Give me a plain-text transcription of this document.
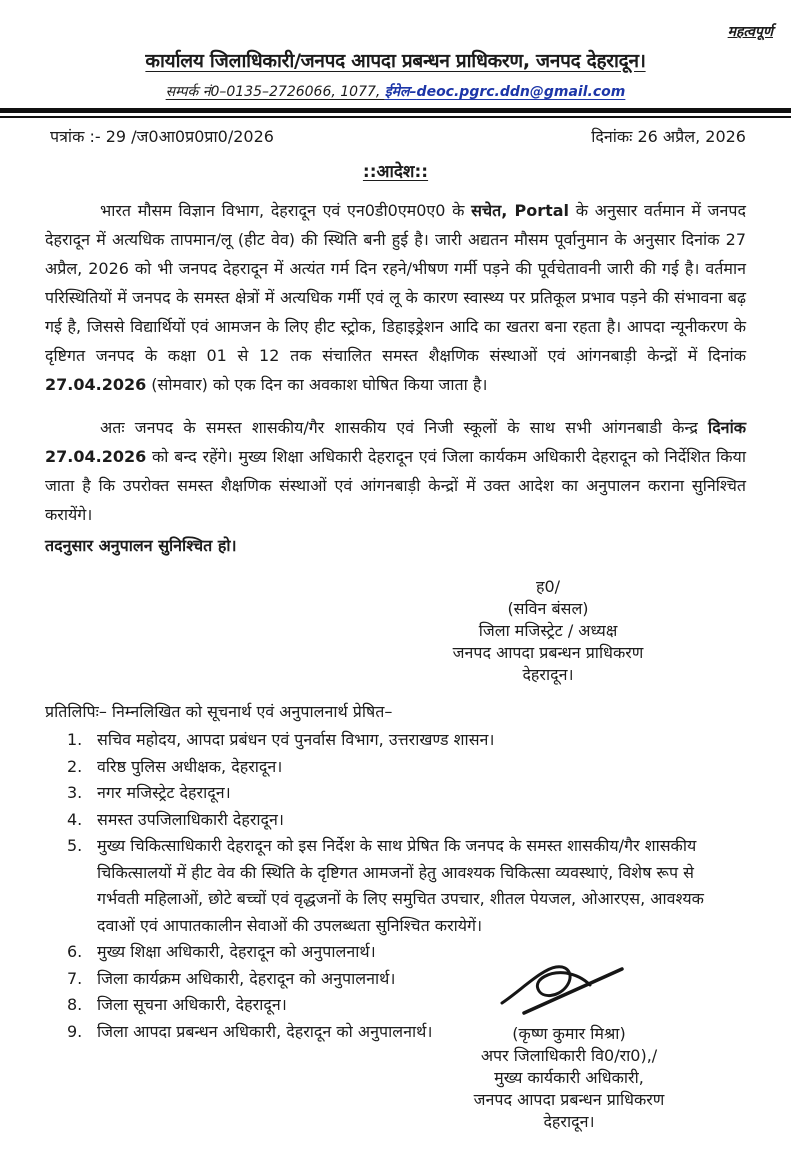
महत्वपूर्ण
कार्यालय जिलाधिकारी/जनपद आपदा प्रबन्धन प्राधिकरण, जनपद देहरादून।
सम्पर्क नं0–0135–2726066, 1077, ईमेल–deoc.pgrc.ddn@gmail.com
पत्रांक :- 29 /ज0आ0प्र0प्रा0/2026	दिनांकः 26 अप्रैल, 2026
::आदेश::

भारत मौसम विज्ञान विभाग, देहरादून एवं एन0डी0एम0ए0 के सचेत, Portal के अनुसार वर्तमान में जनपद देहरादून में अत्यधिक तापमान/लू (हीट वेव) की स्थिति बनी हुई है। जारी अद्यतन मौसम पूर्वानुमान के अनुसार दिनांक 27 अप्रैल, 2026 को भी जनपद देहरादून में अत्यंत गर्म दिन रहने/भीषण गर्मी पड़ने की पूर्वचेतावनी जारी की गई है। वर्तमान परिस्थितियों में जनपद के समस्त क्षेत्रों में अत्यधिक गर्मी एवं लू के कारण स्वास्थ्य पर प्रतिकूल प्रभाव पड़ने की संभावना बढ़ गई है, जिससे विद्यार्थियों एवं आमजन के लिए हीट स्ट्रोक, डिहाइड्रेशन आदि का खतरा बना रहता है। आपदा न्यूनीकरण के दृष्टिगत जनपद के कक्षा 01 से 12 तक संचालित समस्त शैक्षणिक संस्थाओं एवं आंगनबाड़ी केन्द्रों में दिनांक 27.04.2026 (सोमवार) को एक दिन का अवकाश घोषित किया जाता है।

अतः जनपद के समस्त शासकीय/गैर शासकीय एवं निजी स्कूलों के साथ सभी आंगनबाडी केन्द्र दिनांक 27.04.2026 को बन्द रहेंगे। मुख्य शिक्षा अधिकारी देहरादून एवं जिला कार्यकम अधिकारी देहरादून को निर्देशित किया जाता है कि उपरोक्त समस्त शैक्षणिक संस्थाओं एवं आंगनबाड़ी केन्द्रों में उक्त आदेश का अनुपालन कराना सुनिश्चित करायेंगे।

तदनुसार अनुपालन सुनिश्चित हो।
ह0/
(सविन बंसल)
जिला मजिस्ट्रेट / अध्यक्ष
जनपद आपदा प्रबन्धन प्राधिकरण
देहरादून।
प्रतिलिपिः– निम्नलिखित को सूचनार्थ एवं अनुपालनार्थ प्रेषित–
1. सचिव महोदय, आपदा प्रबंधन एवं पुनर्वास विभाग, उत्तराखण्ड शासन।
2. वरिष्ठ पुलिस अधीक्षक, देहरादून।
3. नगर मजिस्ट्रेट देहरादून।
4. समस्त उपजिलाधिकारी देहरादून।
5. मुख्य चिकित्साधिकारी देहरादून को इस निर्देश के साथ प्रेषित कि जनपद के समस्त शासकीय/गैर शासकीय चिकित्सालयों में हीट वेव की स्थिति के दृष्टिगत आमजनों हेतु आवश्यक चिकित्सा व्यवस्थाएं, विशेष रूप से गर्भवती महिलाओं, छोटे बच्चों एवं वृद्धजनों के लिए समुचित उपचार, शीतल पेयजल, ओआरएस, आवश्यक दवाओं एवं आपातकालीन सेवाओं की उपलब्धता सुनिश्चित करायेगें।
6. मुख्य शिक्षा अधिकारी, देहरादून को अनुपालनार्थ।
7. जिला कार्यक्रम अधिकारी, देहरादून को अनुपालनार्थ।
8. जिला सूचना अधिकारी, देहरादून।
9. जिला आपदा प्रबन्धन अधिकारी, देहरादून को अनुपालनार्थ।	(कृष्ण कुमार मिश्रा)
अपर जिलाधिकारी वि0/रा0),/
मुख्य कार्यकारी अधिकारी,
जनपद आपदा प्रबन्धन प्राधिकरण
देहरादून।
